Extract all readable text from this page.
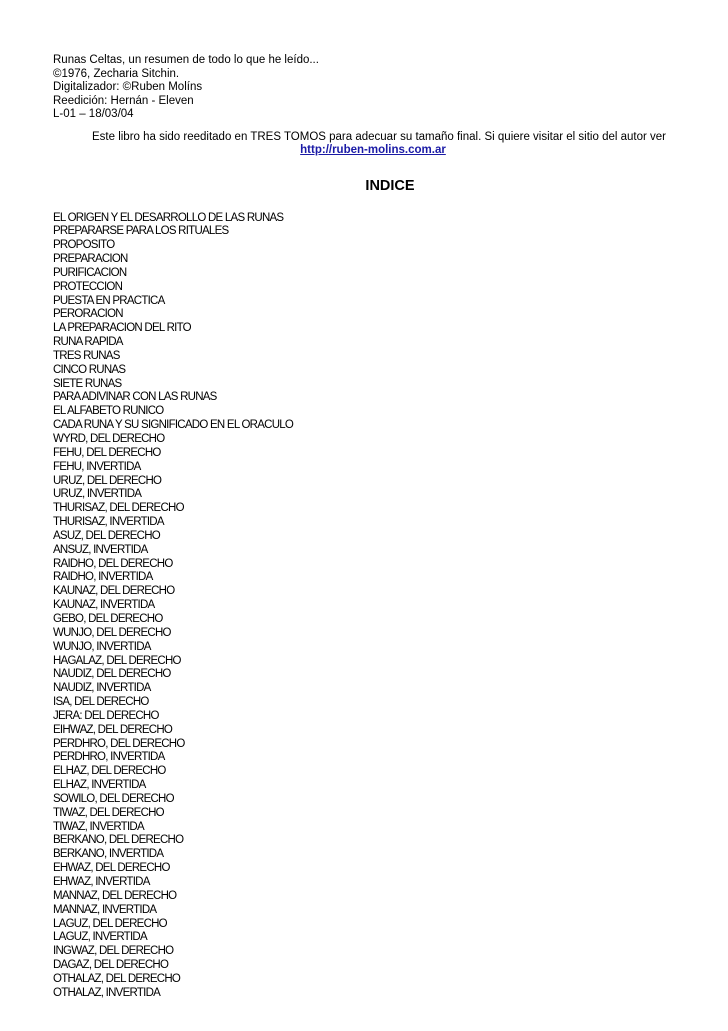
Runas Celtas, un resumen de todo lo que he leído...
©1976, Zecharia Sitchin.
Digitalizador: ©Ruben Molíns
Reedición: Hernán - Eleven
L-01 – 18/03/04
Este libro ha sido reeditado en TRES TOMOS para adecuar su tamaño final. Si quiere visitar el sitio del autor ver
http://ruben-molins.com.ar
INDICE
EL ORIGEN Y EL DESARROLLO DE LAS RUNAS
PREPARARSE PARA LOS RITUALES
PROPOSITO
PREPARACION
PURIFICACION
PROTECCION
PUESTA EN PRACTICA
PERORACION
LA PREPARACION DEL RITO
RUNA RAPIDA
TRES RUNAS
CINCO RUNAS
SIETE RUNAS
PARA ADIVINAR CON LAS RUNAS
EL ALFABETO RUNICO
CADA RUNA Y SU SIGNIFICADO EN EL ORACULO
WYRD, DEL DERECHO
FEHU, DEL DERECHO
FEHU, INVERTIDA
URUZ, DEL DERECHO
URUZ, INVERTIDA
THURISAZ, DEL DERECHO
THURISAZ, INVERTIDA
ASUZ, DEL DERECHO
ANSUZ, INVERTIDA
RAIDHO, DEL DERECHO
RAIDHO, INVERTIDA
KAUNAZ, DEL DERECHO
KAUNAZ, INVERTIDA
GEBO, DEL DERECHO
WUNJO, DEL DERECHO
WUNJO, INVERTIDA
HAGALAZ, DEL DERECHO
NAUDIZ, DEL DERECHO
NAUDIZ, INVERTIDA
ISA, DEL DERECHO
JERA: DEL DERECHO
EIHWAZ, DEL DERECHO
PERDHRO, DEL DERECHO
PERDHRO, INVERTIDA
ELHAZ, DEL DERECHO
ELHAZ, INVERTIDA
SOWILO, DEL DERECHO
TIWAZ, DEL DERECHO
TIWAZ, INVERTIDA
BERKANO, DEL DERECHO
BERKANO, INVERTIDA
EHWAZ, DEL DERECHO
EHWAZ, INVERTIDA
MANNAZ, DEL DERECHO
MANNAZ, INVERTIDA
LAGUZ, DEL DERECHO
LAGUZ, INVERTIDA
INGWAZ, DEL DERECHO
DAGAZ, DEL DERECHO
OTHALAZ, DEL DERECHO
OTHALAZ, INVERTIDA
